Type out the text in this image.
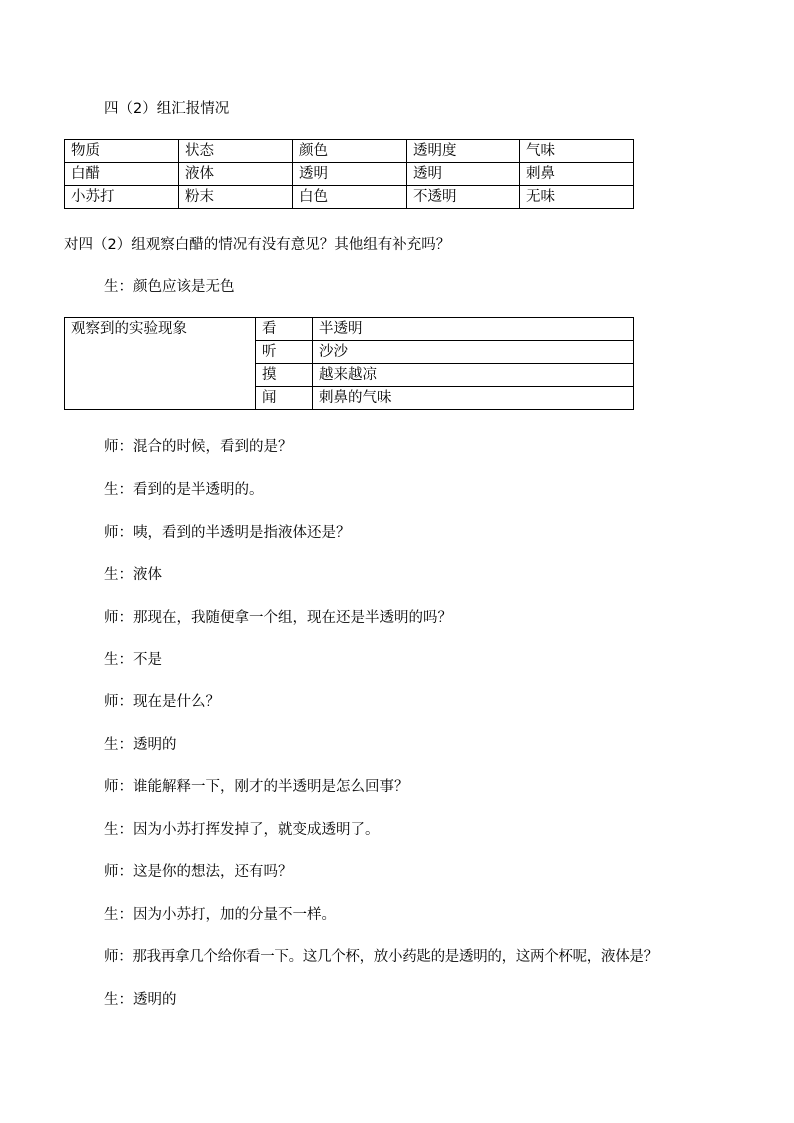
四（2）组汇报情况
物质	状态	颜色	透明度	气味
白醋	液体	透明	透明	刺鼻
小苏打	粉末	白色	不透明	无味
对四（2）组观察白醋的情况有没有意见？其他组有补充吗？
生：颜色应该是无色
观察到的实验现象	看	半透明
	听	沙沙
	摸	越来越凉
	闻	刺鼻的气味
师：混合的时候，看到的是？
生：看到的是半透明的。
师：咦，看到的半透明是指液体还是？
生：液体
师：那现在，我随便拿一个组，现在还是半透明的吗？
生：不是
师：现在是什么？
生：透明的
师：谁能解释一下，刚才的半透明是怎么回事？
生：因为小苏打挥发掉了，就变成透明了。
师：这是你的想法，还有吗？
生：因为小苏打，加的分量不一样。
师：那我再拿几个给你看一下。这几个杯，放小药匙的是透明的，这两个杯呢，液体是？
生：透明的
